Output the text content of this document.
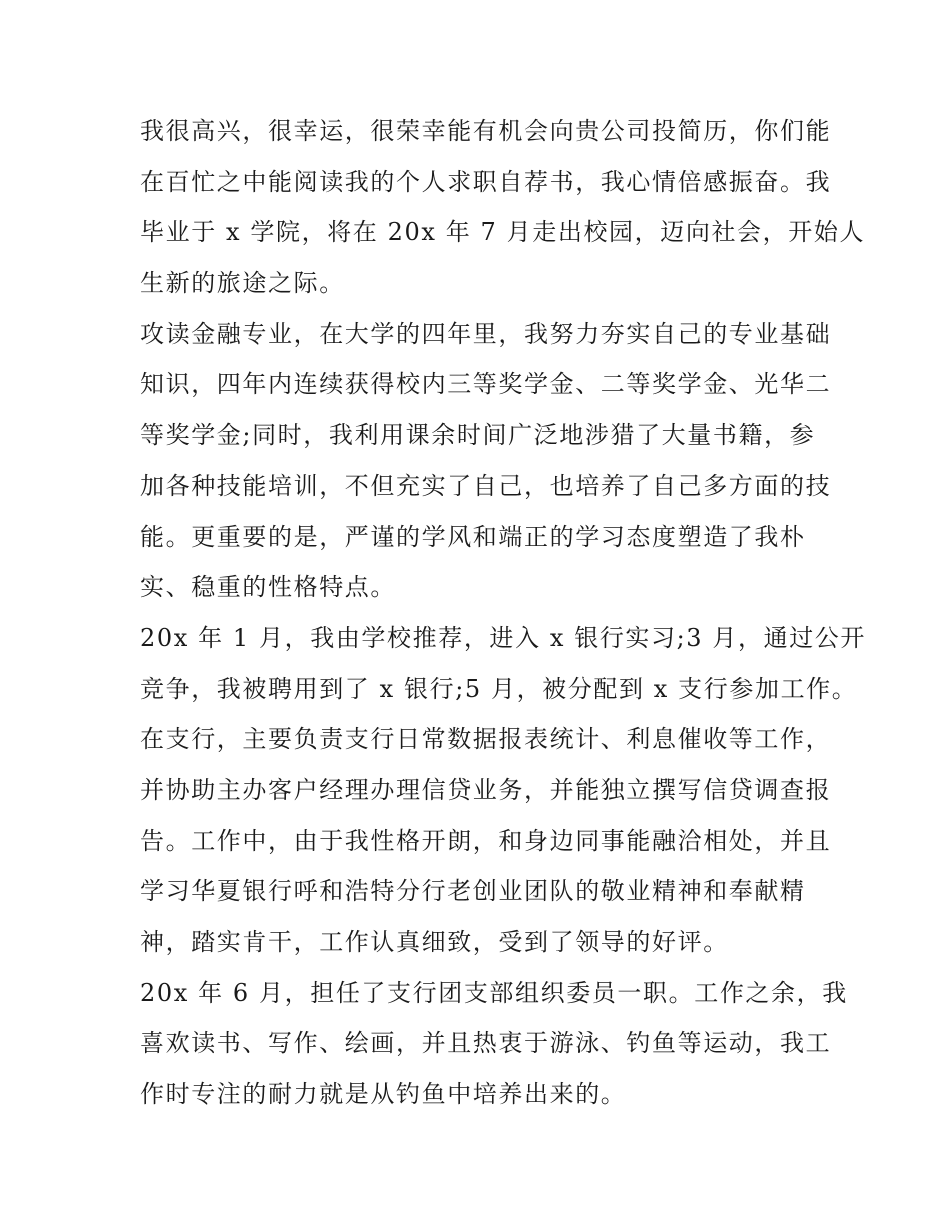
我很高兴，很幸运，很荣幸能有机会向贵公司投简历，你们能
在百忙之中能阅读我的个人求职自荐书，我心情倍感振奋。我
毕业于 x 学院，将在 20x 年 7 月走出校园，迈向社会，开始人
生新的旅途之际。

攻读金融专业，在大学的四年里，我努力夯实自己的专业基础
知识，四年内连续获得校内三等奖学金、二等奖学金、光华二
等奖学金;同时，我利用课余时间广泛地涉猎了大量书籍，参
加各种技能培训，不但充实了自己，也培养了自己多方面的技
能。更重要的是，严谨的学风和端正的学习态度塑造了我朴
实、稳重的性格特点。

20x 年 1 月，我由学校推荐，进入 x 银行实习;3 月，通过公开
竞争，我被聘用到了 x 银行;5 月，被分配到 x 支行参加工作。
在支行，主要负责支行日常数据报表统计、利息催收等工作，
并协助主办客户经理办理信贷业务，并能独立撰写信贷调查报
告。工作中，由于我性格开朗，和身边同事能融洽相处，并且
学习华夏银行呼和浩特分行老创业团队的敬业精神和奉献精
神，踏实肯干，工作认真细致，受到了领导的好评。

20x 年 6 月，担任了支行团支部组织委员一职。工作之余，我
喜欢读书、写作、绘画，并且热衷于游泳、钓鱼等运动，我工
作时专注的耐力就是从钓鱼中培养出来的。
